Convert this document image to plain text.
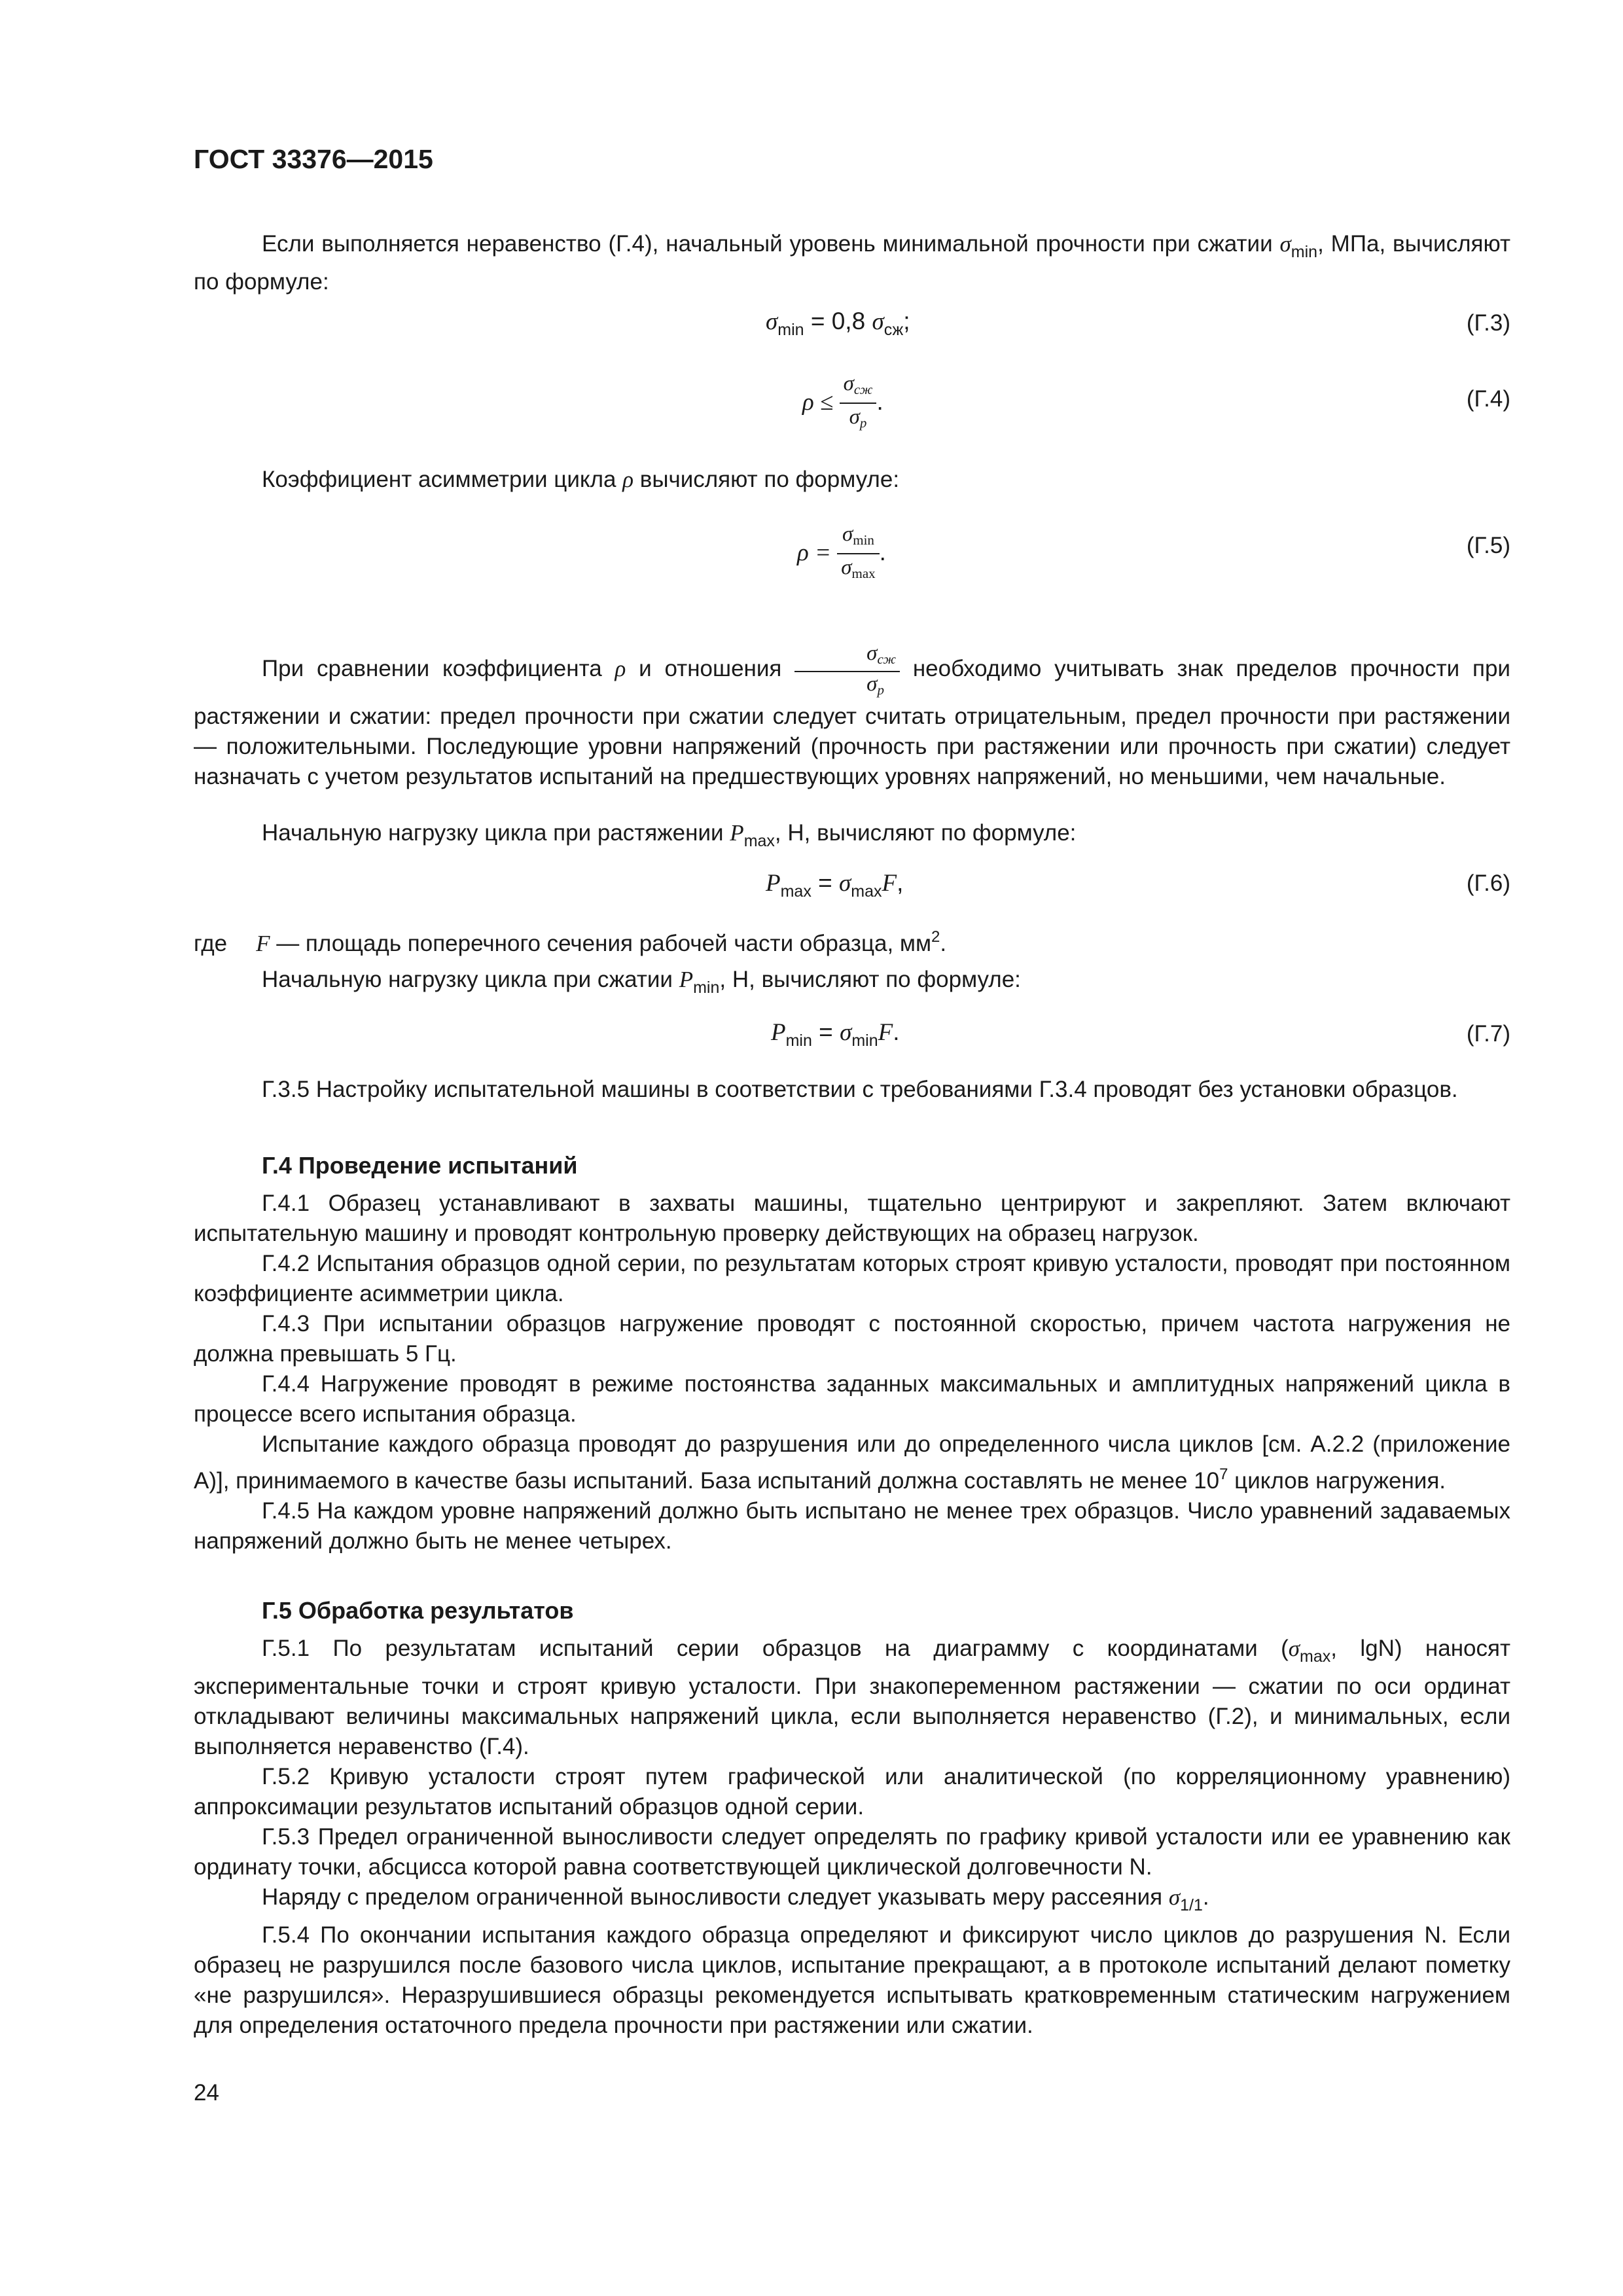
ГОСТ 33376—2015

Если выполняется неравенство (Г.4), начальный уровень минимальной прочности при сжатии $\sigma_{min}$, МПа, вычисляют по формуле:

$\sigma_{min} = 0,8$ $\sigma_{сж}$;	(Г.3)
$\rho \le \frac{\text{σсж}}{\sigma p}$ .	(Г.4)

Коэффициент асимметрии цикла ρ вычисляют по формуле:

$\rho = \frac{\sigma\min}{\sigma\max}$ .	(Г.5)

При сравнении коэффициента ρ и отношения $\frac{\text{σсж}}{\sigma p}$ необходимо учитывать знак пределов прочности при растяжении и сжатии: предел прочности при сжатии следует считать отрицательным, предел прочности при растяжении — положительными. Последующие уровни напряжений (прочность при растяжении или прочность при сжатии) следует назначать с учетом результатов испытаний на предшествующих уровнях напряжений, но меньшими, чем начальные.

Начальную нагрузку цикла при растяжении $P_{max}$, Н, вычисляют по формуле:

$P_{max} = \sigma_{max}F$,	(Г.6)
где F — площадь поперечного сечения рабочей части образца, $мм^2$.

Начальную нагрузку цикла при сжатии $P_{min}$, Н, вычисляют по формуле:

$P_{min} = \sigma_{min}F$.	(Г.7)

Г.3.5 Настройку испытательной машины в соответствии с требованиями Г.3.4 проводят без установки образцов.

Г.4 Проведение испытаний

Г.4.1 Образец устанавливают в захваты машины, тщательно центрируют и закрепляют. Затем включают испытательную машину и проводят контрольную проверку действующих на образец нагрузок.

Г.4.2 Испытания образцов одной серии, по результатам которых строят кривую усталости, проводят при постоянном коэффициенте асимметрии цикла.

Г.4.3 При испытании образцов нагружение проводят с постоянной скоростью, причем частота нагружения не должна превышать 5 Гц.

Г.4.4 Нагружение проводят в режиме постоянства заданных максимальных и амплитудных напряжений цикла в процессе всего испытания образца.

Испытание каждого образца проводят до разрушения или до определенного числа циклов [см. А.2.2 (приложение А)], принимаемого в качестве базы испытаний. База испытаний должна составлять не менее $10^7$ циклов нагружения.

Г.4.5 На каждом уровне напряжений должно быть испытано не менее трех образцов. Число уравнений задаваемых напряжений должно быть не менее четырех.

Г.5 Обработка результатов

Г.5.1 По результатам испытаний серии образцов на диаграмму с координатами ($\sigma_{max}$, lgN) наносят экспериментальные точки и строят кривую усталости. При знакопеременном растяжении — сжатии по оси ординат откладывают величины максимальных напряжений цикла, если выполняется неравенство (Г.2), и минимальных, если выполняется неравенство (Г.4).

Г.5.2 Кривую усталости строят путем графической или аналитической (по корреляционному уравнению) аппроксимации результатов испытаний образцов одной серии.

Г.5.3 Предел ограниченной выносливости следует определять по графику кривой усталости или ее уравнению как ординату точки, абсцисса которой равна соответствующей циклической долговечности N.

Наряду с пределом ограниченной выносливости следует указывать меру рассеяния $\sigma_{1/1}$.

Г.5.4 По окончании испытания каждого образца определяют и фиксируют число циклов до разрушения N. Если образец не разрушился после базового числа циклов, испытание прекращают, а в протоколе испытаний делают пометку «не разрушился». Неразрушившиеся образцы рекомендуется испытывать кратковременным статическим нагружением для определения остаточного предела прочности при растяжении или сжатии.

24
